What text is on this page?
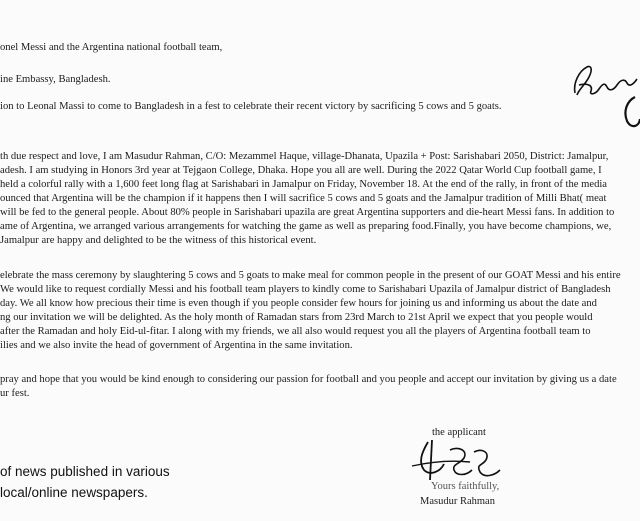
onel Messi and the Argentina national football team,
ine Embassy, Bangladesh.
ion to Leonal Massi to come to Bangladesh in a fest to celebrate their recent victory by sacrificing 5 cows and 5 goats.
th due respect and love, I am Masudur Rahman, C/O: Mezammel Haque, village-Dhanata, Upazila + Post: Sarishabari 2050, District: Jamalpur,
adesh. I am studying in Honors 3rd year at Tejgaon College, Dhaka. Hope you all are well. During the 2022 Qatar World Cup football game, I
held a colorful rally with a 1,600 feet long flag at Sarishabari in Jamalpur on Friday, November 18. At the end of the rally, in front of the media
ounced that Argentina will be the champion if it happens then I will sacrifice 5 cows and 5 goats and the Jamalpur tradition of Milli Bhat( meat
will be fed to the general people. About 80% people in Sarishabari upazila are great Argentina supporters and die-heart Messi fans. In addition to
ame of Argentina, we arranged various arrangements for watching the game as well as preparing food.Finally, you have become champions, we,
Jamalpur are happy and delighted to be the witness of this historical event.
elebrate the mass ceremony by slaughtering 5 cows and 5 goats to make meal for common people in the present of our GOAT Messi and his entire
We would like to request cordially Messi and his football team players to kindly come to Sarishabari Upazila of Jamalpur district of Bangladesh
day. We all know how precious their time is even though if you people consider few hours for joining us and informing us about the date and
ng our invitation we will be delighted. As the holy month of Ramadan stars from 23rd March to 21st April we expect that you people would
after the Ramadan and holy Eid-ul-fitar. I along with my friends, we all also would request you all the players of Argentina football team to
ilies and we also invite the head of government of Argentina in the same invitation.
pray and hope that you would be kind enough to considering our passion for football and you people and accept our invitation by giving us a date
ur fest.
of news published in various
local/online newspapers.
the applicant
Yours faithfully,
Masudur Rahman
